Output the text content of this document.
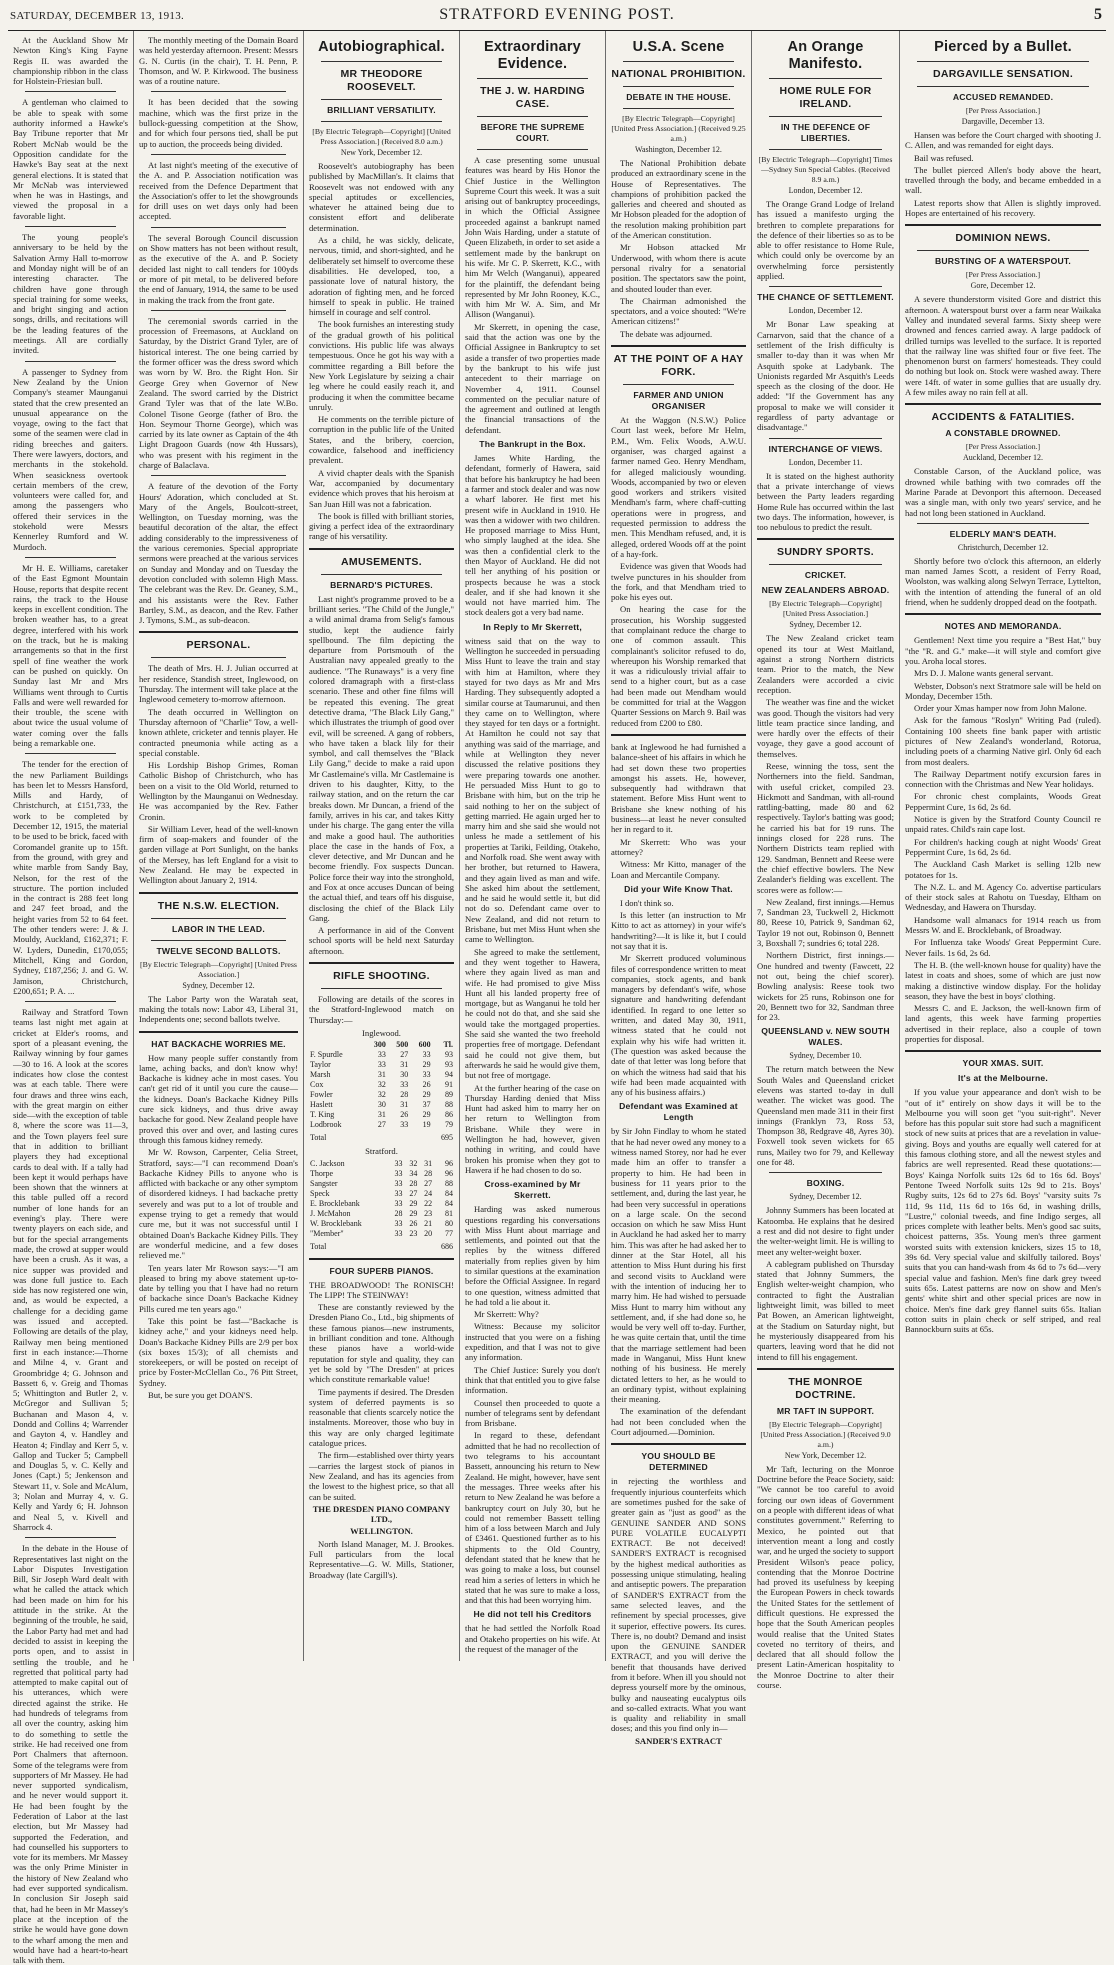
SATURDAY, DECEMBER 13, 1913.	STRATFORD EVENING POST.	5

At the Auckland Show Mr Newton King's King Fayne Regis II. was awarded the championship ribbon in the class for Holstein-Friesian bull.

A gentleman who claimed to be able to speak with some authority informed a Hawke's Bay Tribune reporter that Mr Robert McNab would be the Opposition candidate for the Hawke's Bay seat at the next general elections. It is stated that Mr McNab was interviewed when he was in Hastings, and viewed the proposal in a favorable light.

The young people's anniversary to be held by the Salvation Army Hall to-morrow and Monday night will be of an interesting character. The children have gone through special training for some weeks, and bright singing and action songs, drills, and recitations will be the leading features of the meetings. All are cordially invited.

A passenger to Sydney from New Zealand by the Union Company's steamer Maunganui stated that the crew presented an unusual appearance on the voyage, owing to the fact that some of the seamen were clad in riding breeches and gaiters. There were lawyers, doctors, and merchants in the stokehold. When seasickness overtook certain members of the crew, volunteers were called for, and among the passengers who offered their services in the stokehold were Messrs Kennerley Rumford and W. Murdoch.

Mr H. E. Williams, caretaker of the East Egmont Mountain House, reports that despite recent rains, the track to the House keeps in excellent condition. The broken weather has, to a great degree, interfered with his work on the track, but he is making arrangements so that in the first spell of fine weather the work can be pushed on quickly. On Sunday last Mr and Mrs Williams went through to Curtis Falls and were well rewarded for their trouble, the scene with about twice the usual volume of water coming over the falls being a remarkable one.

The tender for the erection of the new Parliament Buildings has been let to Messrs Hansford, Mills and Hardy, of Christchurch, at £151,733, the work to be completed by December 12, 1915, the material to be used to be brick, faced with Coromandel granite up to 15ft. from the ground, with grey and white marble from Sandy Bay, Nelson, for the rest of the structure. The portion included in the contract is 288 feet long and 247 feet broad, and the height varies from 52 to 64 feet. The other tenders were: J. & J. Mouldy, Auckland, £162,371; F. W. Lyders, Dunedin, £170,055; Mitchell, King and Gordon, Sydney, £187,256; J. and G. W. Jamison, Christchurch, £200,651; P. A. ...

Railway and Stratford Town teams last night met again at cricket at Elder's rooms, and sport of a pleasant evening, the Railway winning by four games—30 to 16. A look at the scores indicates how close the contest was at each table. There were four draws and three wins each, with the great margin on either side—with the exception of table 8, where the score was 11—3, and the Town players feel sure that in addition to brilliant players they had exceptional cards to deal with. If a tally had been kept it would perhaps have been shown that the winners at this table pulled off a record number of lone hands for an evening's play. There were twenty players on each side, and but for the special arrangements made, the crowd at supper would have been a crush. As it was, a nice supper was provided and was done full justice to. Each side has now registered one win, and, as would be expected, a challenge for a deciding game was issued and accepted. Following are details of the play, Railway men being mentioned first in each instance:—Thorne and Milne 4, v. Grant and Groombridge 4; G. Johnson and Bassett 6, v. Greig and Thomas 5; Whittington and Butler 2, v. McGregor and Sullivan 5; Buchanan and Mason 4, v. Dondd and Collins 4; Warrender and Gayton 4, v. Handley and Heaton 4; Findlay and Kerr 5, v. Gallop and Tucker 5; Campbell and Douglas 5, v. C. Kelly and Jones (Capt.) 5; Jenkenson and Stewart 11, v. Sole and McAlum, 3; Nolan and Murray 4, v. G. Kelly and Yardy 6; H. Johnson and Neal 5, v. Kivell and Sharrock 4.

In the debate in the House of Representatives last night on the Labor Disputes Investigation Bill, Sir Joseph Ward dealt with what he called the attack which had been made on him for his attitude in the strike. At the beginning of the trouble, he said, the Labor Party had met and had decided to assist in keeping the ports open, and to assist in settling the trouble, and he regretted that political party had attempted to make capital out of his utterances, which were directed against the strike. He had hundreds of telegrams from all over the country, asking him to do something to settle the strike. He had received one from Port Chalmers that afternoon. Some of the telegrams were from supporters of Mr Massey. He had never supported syndicalism, and he never would support it. He had been fought by the Federation of Labor at the last election, but Mr Massey had supported the Federation, and had counselled his supporters to vote for its members. Mr Massey was the only Prime Minister in the history of New Zealand who had ever supported syndicalism. In conclusion Sir Joseph said that, had he been in Mr Massey's place at the inception of the strike he would have gone down to the wharf among the men and would have had a heart-to-heart talk with them.

The monthly meeting of the Domain Board was held yesterday afternoon. Present: Messrs G. N. Curtis (in the chair), T. H. Penn, P. Thomson, and W. P. Kirkwood. The business was of a routine nature.

It has been decided that the sowing machine, which was the first prize in the bullock-guessing competition at the Show, and for which four persons tied, shall be put up to auction, the proceeds being divided.

At last night's meeting of the executive of the A. and P. Association notification was received from the Defence Department that the Association's offer to let the showgrounds for drill uses on wet days only had been accepted.

The several Borough Council discussion on Show matters has not been without result, as the executive of the A. and P. Society decided last night to call tenders for 100yds or more of pit metal, to be delivered before the end of January, 1914, the same to be used in making the track from the front gate.

The ceremonial swords carried in the procession of Freemasons, at Auckland on Saturday, by the District Grand Tyler, are of historical interest. The one being carried by the former officer was the dress sword which was worn by W. Bro. the Right Hon. Sir George Grey when Governor of New Zealand. The sword carried by the District Grand Tyler was that of the late W.Bo. Colonel Tisone George (father of Bro. the Hon. Seymour Thorne George), which was carried by its late owner as Captain of the 4th Light Dragoon Guards (now 4th Hussars), who was present with his regiment in the charge of Balaclava.

A feature of the devotion of the Forty Hours' Adoration, which concluded at St. Mary of the Angels, Boulcott-street, Wellington, on Tuesday morning, was the beautiful decoration of the altar, the effect adding considerably to the impressiveness of the various ceremonies. Special appropriate sermons were preached at the various services on Sunday and Monday and on Tuesday the devotion concluded with solemn High Mass. The celebrant was the Rev. Dr. Geaney, S.M., and his assistants were the Rev. Father Bartley, S.M., as deacon, and the Rev. Father J. Tymons, S.M., as sub-deacon.

PERSONAL.

The death of Mrs. H. J. Julian occurred at her residence, Standish street, Inglewood, on Thursday. The interment will take place at the Inglewood cemetery to-morrow afternoon.

The death occurred in Wellington on Thursday afternoon of "Charlie" Tow, a well-known athlete, cricketer and tennis player. He contracted pneumonia while acting as a special constable.

His Lordship Bishop Grimes, Roman Catholic Bishop of Christchurch, who has been on a visit to the Old World, returned to Wellington by the Maunganui on Wednesday. He was accompanied by the Rev. Father Cronin.

Sir William Lever, head of the well-known firm of soap-makers and founder of the garden village at Port Sunlight, on the banks of the Mersey, has left England for a visit to New Zealand. He may be expected in Wellington about January 2, 1914.

THE N.S.W. ELECTION.
LABOR IN THE LEAD.
TWELVE SECOND BALLOTS.
[By Electric Telegraph—Copyright] [United Press Association.]
Sydney, December 12.

The Labor Party won the Waratah seat, making the totals now: Labor 43, Liberal 31, Independents one; second ballots twelve.

HAT BACKACHE WORRIES ME.

How many people suffer constantly from lame, aching backs, and don't know why! Backache is kidney ache in most cases. You can't get rid of it until you cure the cause—the kidneys. Doan's Backache Kidney Pills cure sick kidneys, and thus drive away backache for good. New Zealand people have proved this over and over, and lasting cures through this famous kidney remedy.

Mr W. Rowson, Carpenter, Celia Street, Stratford, says:—"I can recommend Doan's Backache Kidney Pills to anyone who is afflicted with backache or any other symptom of disordered kidneys. I had backache pretty severely and was put to a lot of trouble and expense trying to get a remedy that would cure me, but it was not successful until I obtained Doan's Backache Kidney Pills. They are wonderful medicine, and a few doses relieved me."

Ten years later Mr Rowson says:—"I am pleased to bring my above statement up-to-date by telling you that I have had no return of backache since Doan's Backache Kidney Pills cured me ten years ago."

Take this point be fast—"Backache is kidney ache," and your kidneys need help. Doan's Backache Kidney Pills are 2/9 per box (six boxes 15/3); of all chemists and storekeepers, or will be posted on receipt of price by Foster-McClellan Co., 76 Pitt Street, Sydney.

But, be sure you get DOAN'S.

Autobiographical.
MR THEODORE ROOSEVELT.
BRILLIANT VERSATILITY.
[By Electric Telegraph—Copyright] [United Press Association.] (Received 8.0 a.m.)
New York, December 12.

Roosevelt's autobiography has been published by MacMillan's. It claims that Roosevelt was not endowed with any special aptitudes or excellencies, whatever he attained being due to consistent effort and deliberate determination.

As a child, he was sickly, delicate, nervous, timid, and short-sighted, and he deliberately set himself to overcome these disabilities. He developed, too, a passionate love of natural history, the adoration of fighting men, and he forced himself to speak in public. He trained himself in courage and self control.

The book furnishes an interesting study of the gradual growth of his political convictions. His public life was always tempestuous. Once he got his way with a committee regarding a Bill before the New York Legislature by seizing a chair leg where he could easily reach it, and producing it when the committee became unruly.

He comments on the terrible picture of corruption in the public life of the United States, and the bribery, coercion, cowardice, falsehood and inefficiency prevalent.

A vivid chapter deals with the Spanish War, accompanied by documentary evidence which proves that his heroism at San Juan Hill was not a fabrication.

The book is filled with brilliant stories, giving a perfect idea of the extraordinary range of his versatility.

AMUSEMENTS.
BERNARD'S PICTURES.

Last night's programme proved to be a brilliant series. "The Child of the Jungle," a wild animal drama from Selig's famous studio, kept the audience fairly spellbound. The film depicting the departure from Portsmouth of the Australian navy appealed greatly to the audience. "The Runaways" is a very fine colored dramagraph with a first-class scenario. These and other fine films will be repeated this evening. The great detective drama, "The Black Lily Gang," which illustrates the triumph of good over evil, will be screened. A gang of robbers, who have taken a black lily for their symbol, and call themselves the "Black Lily Gang," decide to make a raid upon Mr Castlemaine's villa. Mr Castlemaine is driven to his daughter, Kitty, to the railway station, and on the return the car breaks down. Mr Duncan, a friend of the family, arrives in his car, and takes Kitty under his charge. The gang enter the villa and make a good haul. The authorities place the case in the hands of Fox, a clever detective, and Mr Duncan and he become friendly. Fox suspects Duncan. Police force their way into the stronghold, and Fox at once accuses Duncan of being the actual thief, and tears off his disguise, disclosing the chief of the Black Lily Gang.

A performance in aid of the Convent school sports will be held next Saturday afternoon.

RIFLE SHOOTING.

Following are details of the scores in the Stratford-Inglewood match on Thursday:—

Inglewood.
	300	500	600	Tl.
F. Spurdle	33	27	33	93
Taylor	33	31	29	93
Marsh	31	30	33	94
Cox	32	33	26	91
Fowler	32	28	29	89
Haslett	30	31	37	88
T. King	31	26	29	86
Lodbrook	27	33	19	79
Total				695
Stratford.
C. Jackson	33	32	31	96
Thorpe	33	34	28	96
Sangster	33	28	27	88
Speck	33	27	24	84
E. Brocklebank	33	29	22	84
J. McMahon	28	29	23	81
W. Brocklebank	33	26	21	80
"Member"	33	23	20	77
Total				686
FOUR SUPERB PIANOS.

THE BROADWOOD! The RONISCH! The LIPP! The STEINWAY!

These are constantly reviewed by the Dresden Piano Co., Ltd., big shipments of these famous pianos—new instruments, in brilliant condition and tone. Although these pianos have a world-wide reputation for style and quality, they can yet be sold by "The Dresden" at prices which constitute remarkable value!

Time payments if desired. The Dresden system of deferred payments is so reasonable that clients scarcely notice the instalments. Moreover, those who buy in this way are only charged legitimate catalogue prices.

The firm—established over thirty years—carries the largest stock of pianos in New Zealand, and has its agencies from the lowest to the highest price, so that all can be suited.

THE DRESDEN PIANO COMPANY LTD.,
WELLINGTON.

North Island Manager, M. J. Brookes. Full particulars from the local Representative—G. W. Mills, Stationer, Broadway (late Cargill's).

Extraordinary Evidence.
THE J. W. HARDING CASE.
BEFORE THE SUPREME COURT.

A case presenting some unusual features was heard by His Honor the Chief Justice in the Wellington Supreme Court this week. It was a suit arising out of bankruptcy proceedings, in which the Official Assignee proceeded against a bankrupt named John Wais Harding, under a statute of Queen Elizabeth, in order to set aside a settlement made by the bankrupt on his wife. Mr C. P. Skerrett, K.C., with him Mr Welch (Wanganui), appeared for the plaintiff, the defendant being represented by Mr John Rooney, K.C., with him Mr W. A. Sim, and Mr Allison (Wanganui).

Mr Skerrett, in opening the case, said that the action was one by the Official Assignee in Bankruptcy to set aside a transfer of two properties made by the bankrupt to his wife just antecedent to their marriage on November 4, 1911. Counsel commented on the peculiar nature of the agreement and outlined at length the financial transactions of the defendant.

The Bankrupt in the Box.

James White Harding, the defendant, formerly of Hawera, said that before his bankruptcy he had been a farmer and stock dealer and was now a wharf laborer. He first met his present wife in Auckland in 1910. He was then a widower with two children. He proposed marriage to Miss Hunt, who simply laughed at the idea. She was then a confidential clerk to the then Mayor of Auckland. He did not tell her anything of his position or prospects because he was a stock dealer, and if she had known it she would not have married him. The stock dealers got a very bad name.

In Reply to Mr Skerrett,

witness said that on the way to Wellington he succeeded in persuading Miss Hunt to leave the train and stay with him at Hamilton, where they stayed for two days as Mr and Mrs Harding. They subsequently adopted a similar course at Taumarunui, and then they came on to Wellington, where they stayed for ten days or a fortnight. At Hamilton he could not say that anything was said of the marriage, and while at Wellington they never discussed the relative positions they were preparing towards one another. He persuaded Miss Hunt to go to Brisbane with him, but on the trip he said nothing to her on the subject of getting married. He again urged her to marry him and she said she would not unless he made a settlement of his properties at Tariki, Feilding, Otakeho, and Norfolk road. She went away with her brother, but returned to Hawera, and they again lived as man and wife. She asked him about the settlement, and he said he would settle it, but did not do so. Defendant came over to New Zealand, and did not return to Brisbane, but met Miss Hunt when she came to Wellington.

She agreed to make the settlement, and they went together to Hawera, where they again lived as man and wife. He had promised to give Miss Hunt all his landed property free of mortgage, but as Wanganui he told her he could not do that, and she said she would take the mortgaged properties. She said she wanted the two freehold properties free of mortgage. Defendant said he could not give them, but afterwards he said he would give them, but not free of mortgage.

At the further hearing of the case on Thursday Harding denied that Miss Hunt had asked him to marry her on her return to Wellington from Brisbane. While they were in Wellington he had, however, given nothing in writing, and could have broken his promise when they got to Hawera if he had chosen to do so.

Cross-examined by Mr Skerrett.

Harding was asked numerous questions regarding his conversations with Miss Hunt about marriage and settlements, and pointed out that the replies by the witness differed materially from replies given by him to similar questions at the examination before the Official Assignee. In regard to one question, witness admitted that he had told a lie about it.

Mr Skerrett: Why?

Witness: Because my solicitor instructed that you were on a fishing expedition, and that I was not to give any information.

The Chief Justice: Surely you don't think that that entitled you to give false information.

Counsel then proceeded to quote a number of telegrams sent by defendant from Brisbane.

In regard to these, defendant admitted that he had no recollection of two telegrams to his accountant Bassett, announcing his return to New Zealand. He might, however, have sent the messages. Three weeks after his return to New Zealand he was before a bankruptcy court on July 30, but he could not remember Bassett telling him of a loss between March and July of £3461. Questioned further as to his shipments to the Old Country, defendant stated that he knew that he was going to make a loss, but counsel read him a series of letters in which he stated that he was sure to make a loss, and that this had been worrying him.

He did not tell his Creditors

that he had settled the Norfolk Road and Otakeho properties on his wife. At the request of the manager of the

U.S.A. Scene
NATIONAL PROHIBITION.
DEBATE IN THE HOUSE.
[By Electric Telegraph—Copyright] [United Press Association.] (Received 9.25 a.m.)
Washington, December 12.

The National Prohibition debate produced an extraordinary scene in the House of Representatives. The champions of prohibition packed the galleries and cheered and shouted as Mr Hobson pleaded for the adoption of the resolution making prohibition part of the American constitution.

Mr Hobson attacked Mr Underwood, with whom there is acute personal rivalry for a senatorial position. The spectators saw the point, and shouted louder than ever.

The Chairman admonished the spectators, and a voice shouted: "We're American citizens!"

The debate was adjourned.

AT THE POINT OF A HAY FORK.
FARMER AND UNION ORGANISER

At the Waggon (N.S.W.) Police Court last week, before Mr Helm, P.M., Wm. Felix Woods, A.W.U. organiser, was charged against a farmer named Geo. Henry Mendham, for alleged maliciously wounding. Woods, accompanied by two or eleven good workers and strikers visited Mendham's farm, where chaff-cutting operations were in progress, and requested permission to address the men. This Mendham refused, and, it is alleged, ordered Woods off at the point of a hay-fork.

Evidence was given that Woods had twelve punctures in his shoulder from the fork, and that Mendham tried to poke his eyes out.

On hearing the case for the prosecution, his Worship suggested that complainant reduce the charge to one of common assault. This complainant's solicitor refused to do, whereupon his Worship remarked that it was a ridiculously trivial affair to send to a higher court, but as a case had been made out Mendham would be committed for trial at the Waggon Quarter Sessions on March 9. Bail was reduced from £200 to £80.

bank at Inglewood he had furnished a balance-sheet of his affairs in which he had set down these two properties amongst his assets. He, however, subsequently had withdrawn that statement. Before Miss Hunt went to Brisbane she knew nothing of his business—at least he never consulted her in regard to it.

Mr Skerrett: Who was your attorney?

Witness: Mr Kitto, manager of the Loan and Mercantile Company.

Did your Wife Know That.

I don't think so.

Is this letter (an instruction to Mr Kitto to act as attorney) in your wife's handwriting?—It is like it, but I could not say that it is.

Mr Skerrett produced voluminous files of correspondence written to meat companies, stock agents, and bank managers by defendant's wife, whose signature and handwriting defendant identified. In regard to one letter so written, and dated May 30, 1911, witness stated that he could not explain why his wife had written it. (The question was asked because the date of that letter was long before that on which the witness had said that his wife had been made acquainted with any of his business affairs.)

Defendant was Examined at Length

by Sir John Findlay to whom he stated that he had never owed any money to a witness named Storey, nor had he ever made him an offer to transfer a property to him. He had been in business for 11 years prior to the settlement, and, during the last year, he had been very successful in operations on a large scale. On the second occasion on which he saw Miss Hunt in Auckland he had asked her to marry him. This was after he had asked her to dinner at the Star Hotel, all his attention to Miss Hunt during his first and second visits to Auckland were with the intention of inducing her to marry him. He had wished to persuade Miss Hunt to marry him without any settlement, and, if she had done so, he would be very well off to-day. Further, he was quite certain that, until the time that the marriage settlement had been made in Wanganui, Miss Hunt knew nothing of his business. He merely dictated letters to her, as he would to an ordinary typist, without explaining their meaning.

The examination of the defendant had not been concluded when the Court adjourned.—Dominion.

YOU SHOULD BE DETERMINED

in rejecting the worthless and frequently injurious counterfeits which are sometimes pushed for the sake of greater gain as "just as good" as the GENUINE SANDER AND SONS PURE VOLATILE EUCALYPTI EXTRACT. Be not deceived! SANDER'S EXTRACT is recognised by the highest medical authorities as possessing unique stimulating, healing and antiseptic powers. The preparation of SANDER'S EXTRACT from the same selected leaves, and the refinement by special processes, give it superior, effective powers. Its cures. There is, no doubt? Demand and insist upon the GENUINE SANDER EXTRACT, and you will derive the benefit that thousands have derived from it before. When ill you should not depress yourself more by the ominous, bulky and nauseating eucalyptus oils and so-called extracts. What you want is quality and reliability in small doses; and this you find only in—

SANDER'S EXTRACT
An Orange Manifesto.
HOME RULE FOR IRELAND.
IN THE DEFENCE OF LIBERTIES.
[By Electric Telegraph—Copyright] Times—Sydney Sun Special Cables. (Received 8.9 a.m.)
London, December 12.

The Orange Grand Lodge of Ireland has issued a manifesto urging the brethren to complete preparations for the defence of their liberties so as to be able to offer resistance to Home Rule, which could only be overcome by an overwhelming force persistently applied.

THE CHANCE OF SETTLEMENT.
London, December 12.

Mr Bonar Law speaking at Carnarvon, said that the chance of a settlement of the Irish difficulty is smaller to-day than it was when Mr Asquith spoke at Ladybank. The Unionists regarded Mr Asquith's Leeds speech as the closing of the door. He added: "If the Government has any proposal to make we will consider it regardless of party advantage or disadvantage."

INTERCHANGE OF VIEWS.
London, December 11.

It is stated on the highest authority that a private interchange of views between the Party leaders regarding Home Rule has occurred within the last two days. The information, however, is too nebulous to predict the result.

SUNDRY SPORTS.
CRICKET.
NEW ZEALANDERS ABROAD.
[By Electric Telegraph—Copyright] [United Press Association.]
Sydney, December 12.

The New Zealand cricket team opened its tour at West Maitland, against a strong Northern districts team. Prior to the match, the New Zealanders were accorded a civic reception.

The weather was fine and the wicket was good. Though the visitors had very little team practice since landing, and were hardly over the effects of their voyage, they gave a good account of themselves.

Reese, winning the toss, sent the Northerners into the field. Sandman, with useful cricket, compiled 23. Hickmott and Sandman, with all-round rattling-batting, made 80 and 62 respectively. Taylor's batting was good; he carried his bat for 19 runs. The innings closed for 228 runs. The Northern Districts team replied with 129. Sandman, Bennett and Reese were the chief effective bowlers. The New Zealander's fielding was excellent. The scores were as follow:—

New Zealand, first innings.—Hemus 7, Sandman 23, Tuckwell 2, Hickmott 80, Reese 10, Patrick 9, Sandman 62, Taylor 19 not out, Robinson 0, Bennett 3, Boxshall 7; sundries 6; total 228.

Northern District, first innings.—One hundred and twenty (Fawcett, 22 not out, being the chief scorer). Bowling analysis: Reese took two wickets for 25 runs, Robinson one for 20, Bennett two for 32, Sandman three for 23.

QUEENSLAND v. NEW SOUTH WALES.
Sydney, December 10.

The return match between the New South Wales and Queensland cricket elevens was started to-day in dull weather. The wicket was good. The Queensland men made 311 in their first innings (Franklyn 73, Ross 53, Thompson 38, Redgrave 48, Ayres 30). Foxwell took seven wickets for 65 runs, Mailey two for 79, and Kelleway one for 48.

BOXING.
Sydney, December 12.

Johnny Summers has been located at Katoomba. He explains that he desired a rest and did not desire to fight under the welter-weight limit. He is willing to meet any welter-weight boxer.

A cablegram published on Thursday stated that Johnny Summers, the English welter-weight champion, who contracted to fight the Australian lightweight limit, was billed to meet Pat Bowen, an American lightweight, at the Stadium on Saturday night, but he mysteriously disappeared from his quarters, leaving word that he did not intend to fill his engagement.

THE MONROE DOCTRINE.
MR TAFT IN SUPPORT.
[By Electric Telegraph—Copyright] [United Press Association.] (Received 9.0 a.m.)
New York, December 12.

Mr Taft, lecturing on the Monroe Doctrine before the Peace Society, said: "We cannot be too careful to avoid forcing our own ideas of Government on a people with different ideas of what constitutes government." Referring to Mexico, he pointed out that intervention meant a long and costly war, and he urged the society to support President Wilson's peace policy, contending that the Monroe Doctrine had proved its usefulness by keeping the European Powers in check towards the United States for the settlement of difficult questions. He expressed the hope that the South American peoples would realise that the United States coveted no territory of theirs, and declared that all should follow the present Latin-American hospitality to the Monroe Doctrine to alter their course.

Pierced by a Bullet.
DARGAVILLE SENSATION.
ACCUSED REMANDED.
[Per Press Association.]
Dargaville, December 13.

Hansen was before the Court charged with shooting J. C. Allen, and was remanded for eight days.

Bail was refused.

The bullet pierced Allen's body above the heart, travelled through the body, and became embedded in a wall.

Latest reports show that Allen is slightly improved. Hopes are entertained of his recovery.

DOMINION NEWS.
BURSTING OF A WATERSPOUT.
[Per Press Association.]
Gore, December 12.

A severe thunderstorm visited Gore and district this afternoon. A waterspout burst over a farm near Waikaka Valley and inundated several farms. Sixty sheep were drowned and fences carried away. A large paddock of drilled turnips was levelled to the surface. It is reported that the railway line was shifted four or five feet. The phenomenon burst on farmers' homesteads. They could do nothing but look on. Stock were washed away. There were 14ft. of water in some gullies that are usually dry. A few miles away no rain fell at all.

ACCIDENTS & FATALITIES.
A CONSTABLE DROWNED.
[Per Press Association.]
Auckland, December 12.

Constable Carson, of the Auckland police, was drowned while bathing with two comrades off the Marine Parade at Devonport this afternoon. Deceased was a single man, with only two years' service, and he had not long been stationed in Auckland.

ELDERLY MAN'S DEATH.
Christchurch, December 12.

Shortly before two o'clock this afternoon, an elderly man named James Scott, a resident of Ferry Road, Woolston, was walking along Selwyn Terrace, Lyttelton, with the intention of attending the funeral of an old friend, when he suddenly dropped dead on the footpath.

NOTES AND MEMORANDA.

Gentlemen! Next time you require a "Best Hat," buy "the "R. and G." make—it will style and comfort give you. Aroha local stores.

Mrs D. J. Malone wants general servant.

Webster, Dobson's next Stratmore sale will be held on Monday, December 15th.

Order your Xmas hamper now from John Malone.

Ask for the famous "Roslyn" Writing Pad (ruled). Containing 100 sheets fine bank paper with artistic pictures of New Zealand's wonderland, Rotorua, including poets of a charming Native girl. Only 6d each from most dealers.

The Railway Department notify excursion fares in connection with the Christmas and New Year holidays.

For chronic chest complaints, Woods Great Peppermint Cure, 1s 6d, 2s 6d.

Notice is given by the Stratford County Council re unpaid rates. Child's rain cape lost.

For children's hacking cough at night Woods' Great Peppermint Cure, 1s 6d, 2s 6d.

The Auckland Cash Market is selling 12lb new potatoes for 1s.

The N.Z. L. and M. Agency Co. advertise particulars of their stock sales at Rahotu on Tuesday, Eltham on Wednesday, and Hawera on Thursday.

Handsome wall almanacs for 1914 reach us from Messrs W. and E. Brocklebank, of Broadway.

For Influenza take Woods' Great Peppermint Cure. Never fails. 1s 6d, 2s 6d.

The H. B. (the well-known house for quality) have the latest in coats and shoes, some of which are just now making a distinctive window display. For the holiday season, they have the best in boys' clothing.

Messrs C. and E. Jackson, the well-known firm of land agents, this week have farming properties advertised in their replace, also a couple of town properties for disposal.

YOUR XMAS. SUIT.
It's at the Melbourne.

If you value your appearance and don't wish to be "out of it" entirely on show days it will be to the Melbourne you will soon get "you suit-right". Never before has this popular suit store had such a magnificent stock of new suits at prices that are a revelation in value-giving. Boys and youths are equally well catered for at this famous clothing store, and all the newest styles and fabrics are well represented. Read these quotations:—Boys' Kainga Norfolk suits 12s 6d to 16s 6d. Boys' Pentone Tweed Norfolk suits 12s 9d to 21s. Boys' Rugby suits, 12s 6d to 27s 6d. Boys' "varsity suits 7s 11d, 9s 11d, 11s 6d to 16s 6d, in washing drills, "Lustre," colonial tweeds, and fine Indigo serges, all prices complete with leather belts. Men's good sac suits, choicest patterns, 35s. Young men's three garment worsted suits with extension knickers, sizes 15 to 18, 39s 6d. Very special value and skilfully tailored. Boys' suits that you can hand-wash from 4s 6d to 7s 6d—very special value and fashion. Men's fine dark grey tweed suits 65s. Latest patterns are now on show and Men's gents' white shirt and other special prices are now in choice. Men's fine dark grey flannel suits 65s. Italian cotton suits in plain check or self striped, and real Bannockburn suits at 65s.
